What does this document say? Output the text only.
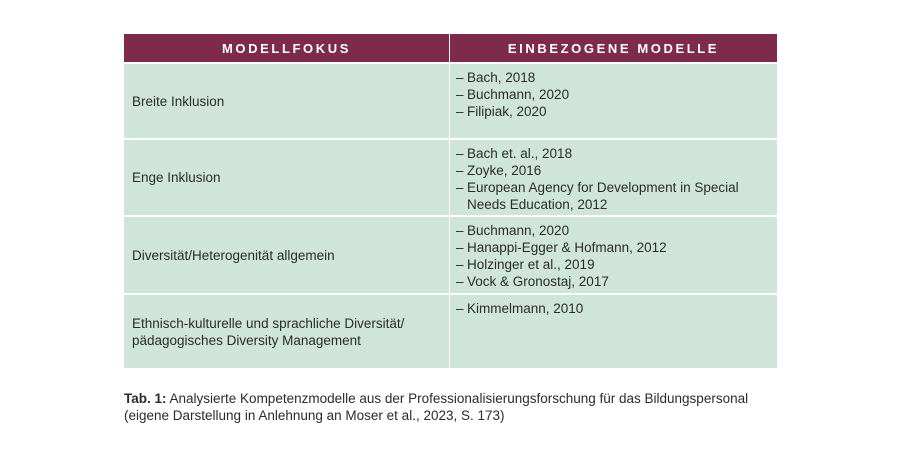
MODELLFOKUS	EINBEZOGENE MODELLE
Breite Inklusion
– Bach, 2018
– Buchmann, 2020
– Filipiak, 2020
Enge Inklusion
– Bach et. al., 2018
– Zoyke, 2016
– European Agency for Development in Special Needs Education, 2012
Diversität/Heterogenität allgemein
– Buchmann, 2020
– Hanappi-Egger & Hofmann, 2012
– Holzinger et al., 2019
– Vock & Gronostaj, 2017
Ethnisch-kulturelle und sprachliche Diversität/ pädagogisches Diversity Management
– Kimmelmann, 2010
Tab. 1: Analysierte Kompetenzmodelle aus der Professionalisierungsforschung für das Bildungspersonal (eigene Darstellung in Anlehnung an Moser et al., 2023, S. 173)
